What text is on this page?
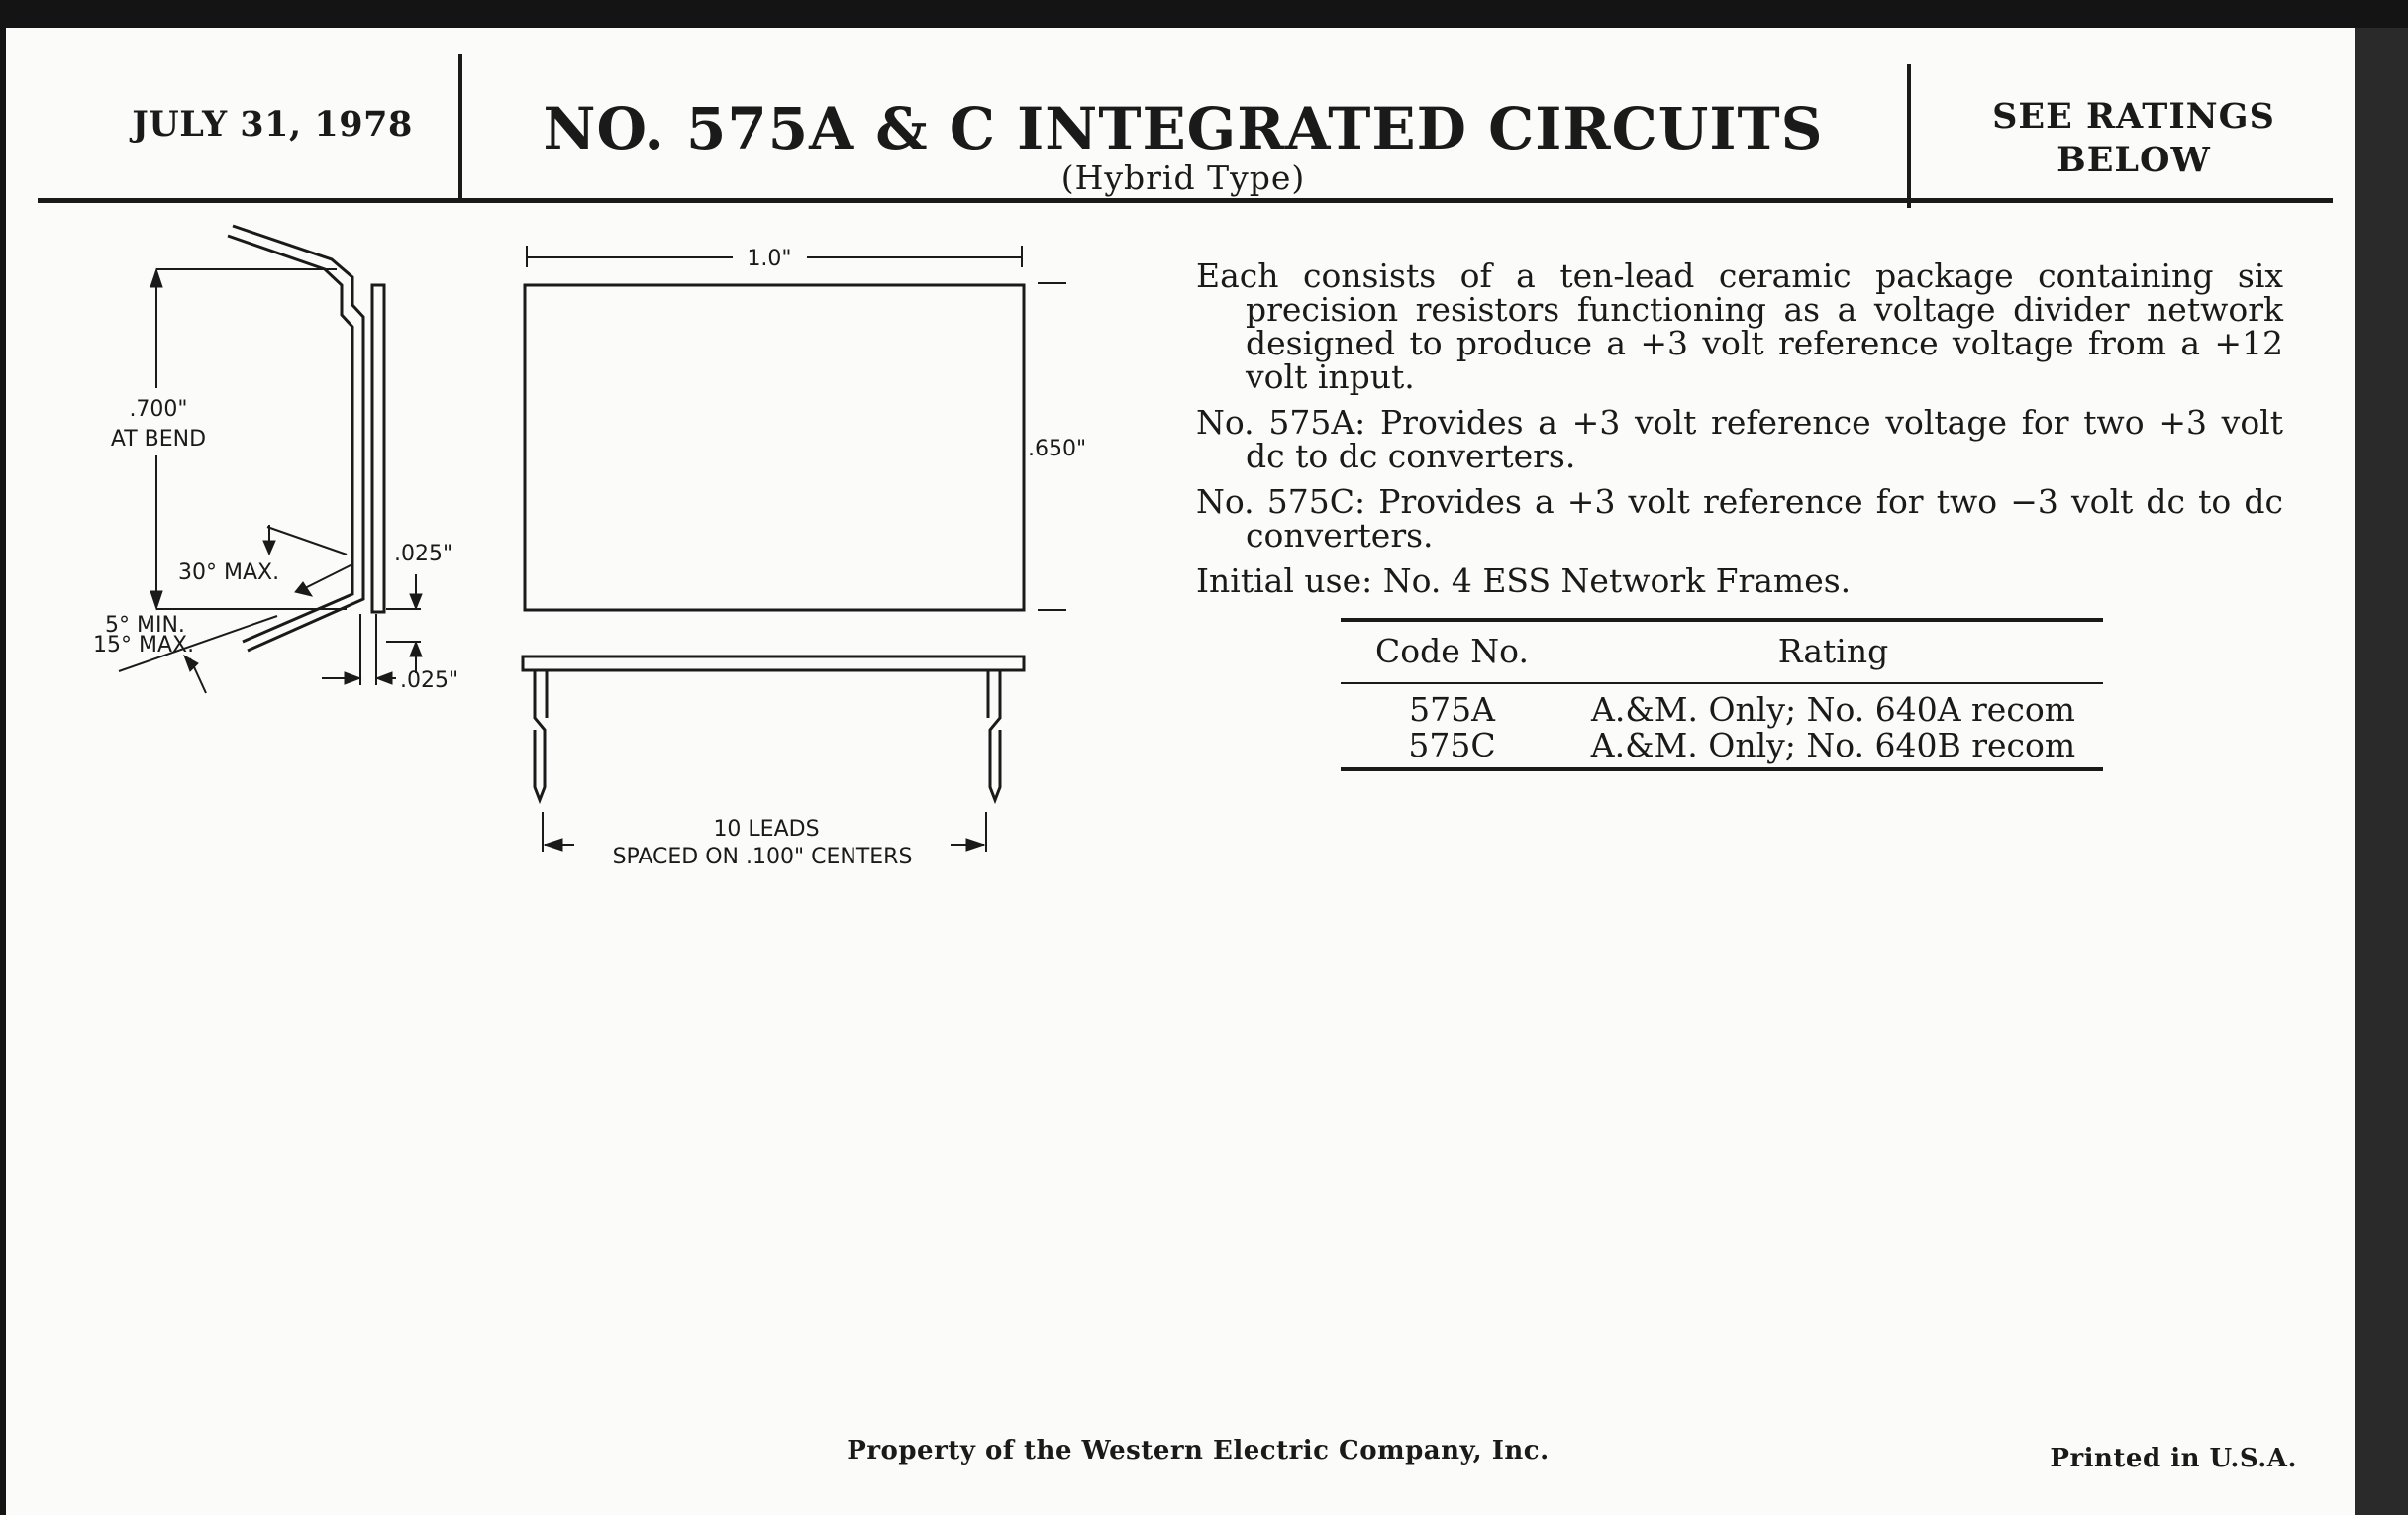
JULY 31, 1978	NO. 575A & C INTEGRATED CIRCUITS
(Hybrid Type)
SEE RATINGS BELOW
.700"
AT BEND
30° MAX.
5° MIN.
15° MAX.
.025"
.025"
1.0"
.650"
10 LEADS
SPACED ON .100" CENTERS

Each consists of a ten-lead ceramic package containing six precision resistors functioning as a voltage divider network designed to produce a +3 volt reference voltage from a +12 volt input.

No. 575A: Provides a +3 volt reference voltage for two +3 volt dc to dc converters.

No. 575C: Provides a +3 volt reference for two −3 volt dc to dc converters.

Initial use: No. 4 ESS Network Frames.

Code No.	Rating
575A	A.&M. Only; No. 640A recom
575C	A.&M. Only; No. 640B recom
Property of the Western Electric Company, Inc.	Printed in U.S.A.
